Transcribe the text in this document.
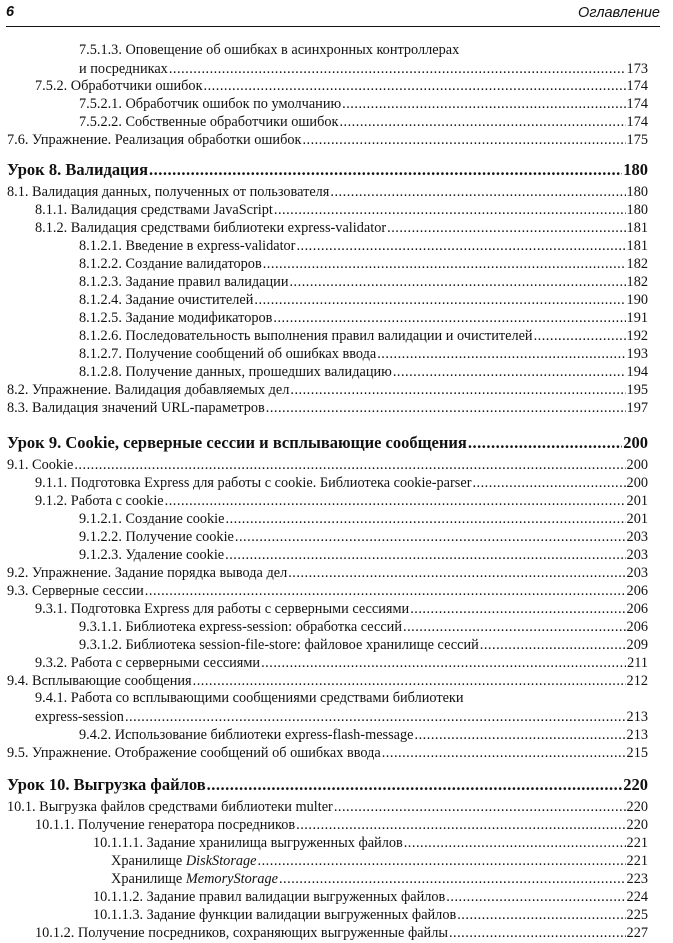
6	Оглавление
7.5.1.3. Оповещение об ошибках в асинхронных контроллерах
и посредниках .....	173
7.5.2. Обработчики ошибок .....	174
7.5.2.1. Обработчик ошибок по умолчанию .....	174
7.5.2.2. Собственные обработчики ошибок .....	174
7.6. Упражнение. Реализация обработки ошибок .....	175
Урок 8. Валидация .....	180
8.1. Валидация данных, полученных от пользователя .....	180
8.1.1. Валидация средствами JavaScript .....	180
8.1.2. Валидация средствами библиотеки express-validator .....	181
8.1.2.1. Введение в express-validator .....	181
8.1.2.2. Создание валидаторов .....	182
8.1.2.3. Задание правил валидации .....	182
8.1.2.4. Задание очистителей .....	190
8.1.2.5. Задание модификаторов .....	191
8.1.2.6. Последовательность выполнения правил валидации и очистителей .....	192
8.1.2.7. Получение сообщений об ошибках ввода .....	193
8.1.2.8. Получение данных, прошедших валидацию .....	194
8.2. Упражнение. Валидация добавляемых дел .....	195
8.3. Валидация значений URL-параметров .....	197
Урок 9. Cookie, серверные сессии и всплывающие сообщения .....	200
9.1. Cookie .....	200
9.1.1. Подготовка Express для работы с cookie. Библиотека cookie-parser .....	200
9.1.2. Работа с cookie .....	201
9.1.2.1. Создание cookie .....	201
9.1.2.2. Получение cookie .....	203
9.1.2.3. Удаление cookie .....	203
9.2. Упражнение. Задание порядка вывода дел .....	203
9.3. Серверные сессии .....	206
9.3.1. Подготовка Express для работы с серверными сессиями .....	206
9.3.1.1. Библиотека express-session: обработка сессий .....	206
9.3.1.2. Библиотека session-file-store: файловое хранилище сессий .....	209
9.3.2. Работа с серверными сессиями .....	211
9.4. Всплывающие сообщения .....	212
9.4.1. Работа со всплывающими сообщениями средствами библиотеки
express-session .....	213
9.4.2. Использование библиотеки express-flash-message .....	213
9.5. Упражнение. Отображение сообщений об ошибках ввода .....	215
Урок 10. Выгрузка файлов .....	220
10.1. Выгрузка файлов средствами библиотеки multer .....	220
10.1.1. Получение генератора посредников .....	220
10.1.1.1. Задание хранилища выгруженных файлов .....	221
Хранилище DiskStorage .....	221
Хранилище MemoryStorage .....	223
10.1.1.2. Задание правил валидации выгруженных файлов .....	224
10.1.1.3. Задание функции валидации выгруженных файлов .....	225
10.1.2. Получение посредников, сохраняющих выгруженные файлы .....	227
